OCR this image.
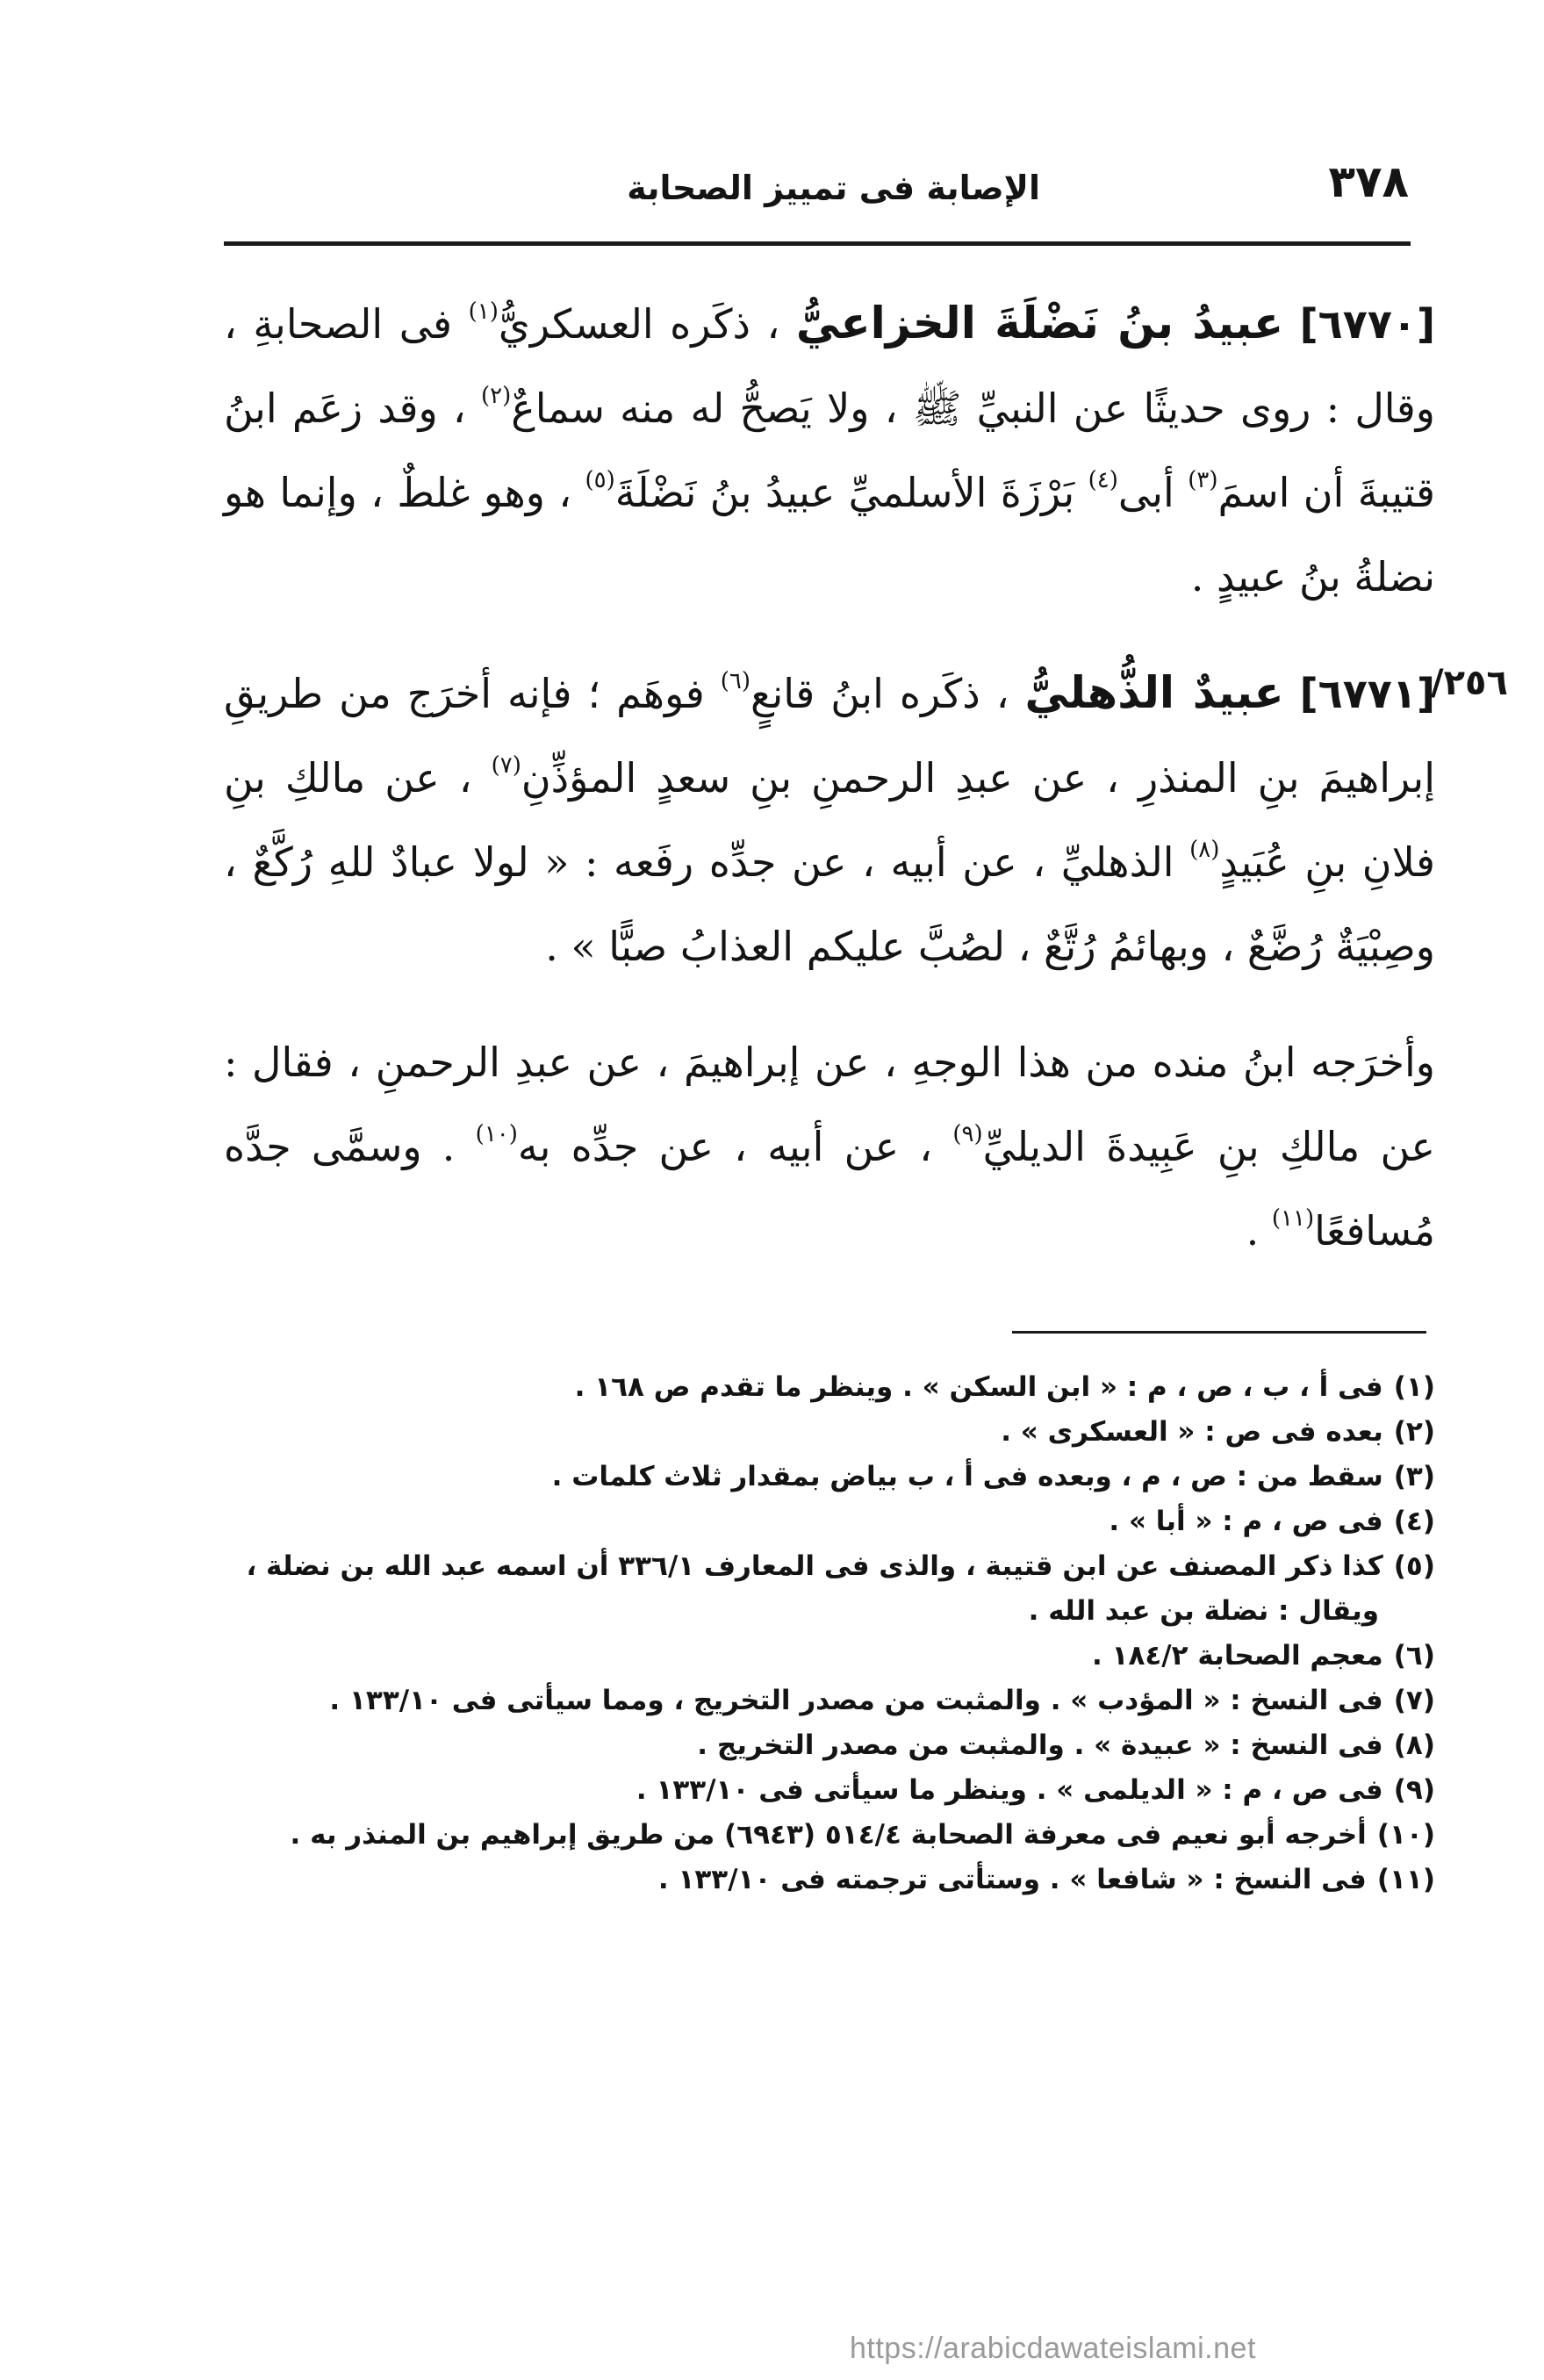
٣٧٨
الإصابة فى تمييز الصحابة
/٢٥٦

[٦٧٧٠] عبيدُ بنُ نَضْلَةَ الخزاعيُّ ، ذكَره العسكريُّ$^{(١)}$ فى الصحابةِ ، وقال : روى حديثًا عن النبيِّ ﷺ ، ولا يَصحُّ له منه سماعٌ$^{(٢)}$ ، وقد زعَم ابنُ قتيبةَ أن اسمَ$^{(٣)}$ أبى$^{(٤)}$ بَرْزَةَ الأسلميِّ عبيدُ بنُ نَضْلَةَ$^{(٥)}$ ، وهو غلطٌ ، وإنما هو نضلةُ بنُ عبيدٍ .

[٦٧٧١] عبيدٌ الذُّهليُّ ، ذكَره ابنُ قانعٍ$^{(٦)}$ فوهَم ؛ فإنه أخرَج من طريقِ إبراهيمَ بنِ المنذرِ ، عن عبدِ الرحمنِ بنِ سعدٍ المؤذِّنِ$^{(٧)}$ ، عن مالكِ بنِ فلانِ بنِ عُبَيدٍ$^{(٨)}$ الذهليِّ ، عن أبيه ، عن جدِّه رفَعه : « لولا عبادٌ للهِ رُكَّعٌ ، وصِبْيَةٌ رُضَّعٌ ، وبهائمُ رُتَّعٌ ، لصُبَّ عليكم العذابُ صبًّا » .

وأخرَجه ابنُ منده من هذا الوجهِ ، عن إبراهيمَ ، عن عبدِ الرحمنِ ، فقال : عن مالكِ بنِ عَبِيدةَ الديليِّ$^{(٩)}$ ، عن أبيه ، عن جدِّه به$^{(١٠)}$ . وسمَّى جدَّه مُسافعًا$^{(١١)}$ .

(١)فى أ ، ب ، ص ، م : « ابن السكن » . وينظر ما تقدم ص ١٦٨ .

(٢)بعده فى ص : « العسكرى » .

(٣)سقط من : ص ، م ، وبعده فى أ ، ب بياض بمقدار ثلاث كلمات .

(٤)فى ص ، م : « أبا » .

(٥)كذا ذكر المصنف عن ابن قتيبة ، والذى فى المعارف ٣٣٦/١ أن اسمه عبد الله بن نضلة ،

ويقال : نضلة بن عبد الله .

(٦)معجم الصحابة ١٨٤/٢ .

(٧)فى النسخ : « المؤدب » . والمثبت من مصدر التخريج ، ومما سيأتى فى ١٣٣/١٠ .

(٨)فى النسخ : « عبيدة » . والمثبت من مصدر التخريج .

(٩)فى ص ، م : « الديلمى » . وينظر ما سيأتى فى ١٣٣/١٠ .

(١٠)أخرجه أبو نعيم فى معرفة الصحابة ٥١٤/٤ (٦٩٤٣) من طريق إبراهيم بن المنذر به .

(١١)فى النسخ : « شافعا » . وستأتى ترجمته فى ١٣٣/١٠ .

https://arabicdawateislami.net
